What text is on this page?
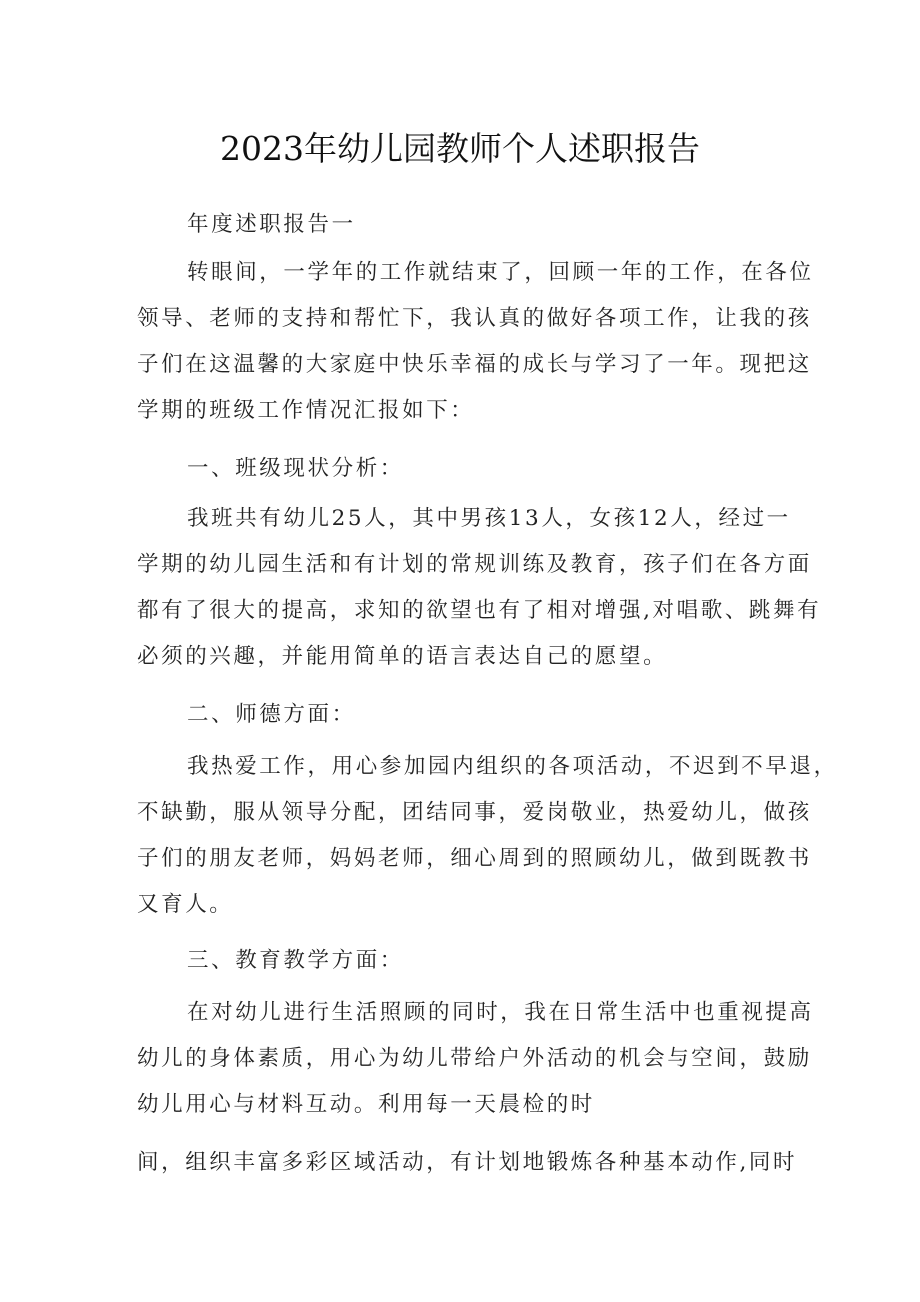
2023年幼儿园教师个人述职报告
年度述职报告一
转眼间，一学年的工作就结束了，回顾一年的工作，在各位
领导、老师的支持和帮忙下，我认真的做好各项工作，让我的孩
子们在这温馨的大家庭中快乐幸福的成长与学习了一年。现把这
学期的班级工作情况汇报如下：
一、班级现状分析：
我班共有幼儿25人，其中男孩13人，女孩12人，经过一
学期的幼儿园生活和有计划的常规训练及教育，孩子们在各方面
都有了很大的提高，求知的欲望也有了相对增强,对唱歌、跳舞有
必须的兴趣，并能用简单的语言表达自己的愿望。
二、师德方面：
我热爱工作，用心参加园内组织的各项活动，不迟到不早退，
不缺勤，服从领导分配，团结同事，爱岗敬业，热爱幼儿，做孩
子们的朋友老师，妈妈老师，细心周到的照顾幼儿，做到既教书
又育人。
三、教育教学方面：
在对幼儿进行生活照顾的同时，我在日常生活中也重视提高
幼儿的身体素质，用心为幼儿带给户外活动的机会与空间，鼓励
幼儿用心与材料互动。利用每一天晨检的时
间，组织丰富多彩区域活动，有计划地锻炼各种基本动作,同时
